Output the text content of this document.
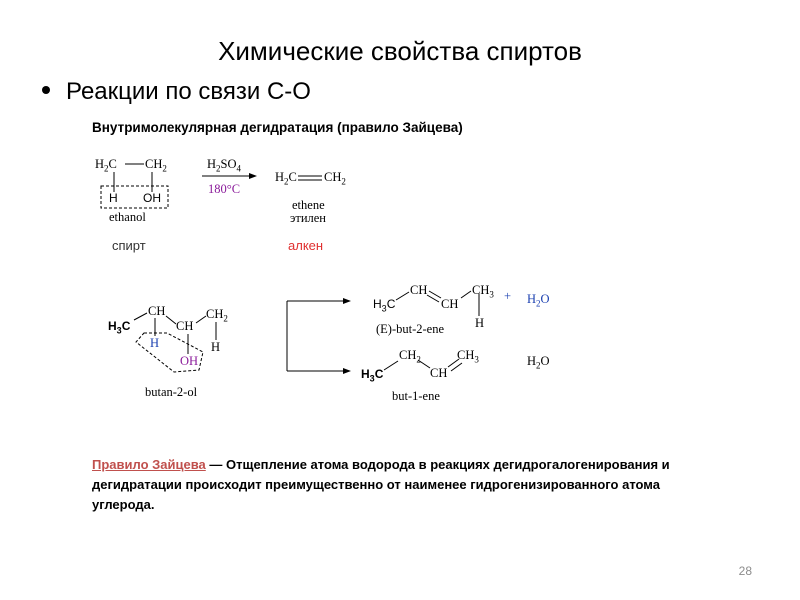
Химические свойства спиртов
Реакции по связи С-О
Внутримолекулярная дегидратация (правило Зайцева)
$H_2C$ $CH_2$
H OH
ethanol
$H_2SO_4$
180°C
$H_2C$ $CH_2$
ethene
этилен
спирт	алкен
$H_3C$
CH
CH
$CH_2$
H
H
OH
butan-2-ol
$H_3C$
CH
CH
$CH_3$
H
(E)-but-2-ene
+ $H_2O$
$H_3C$
$CH_2$
CH
$CH_3$
but-1-ene
$H_2O$
Правило Зайцева — Отщепление атома водорода в реакциях дегидрогалогенирования и дегидратации происходит преимущественно от наименее гидрогенизированного атома углерода.
28
